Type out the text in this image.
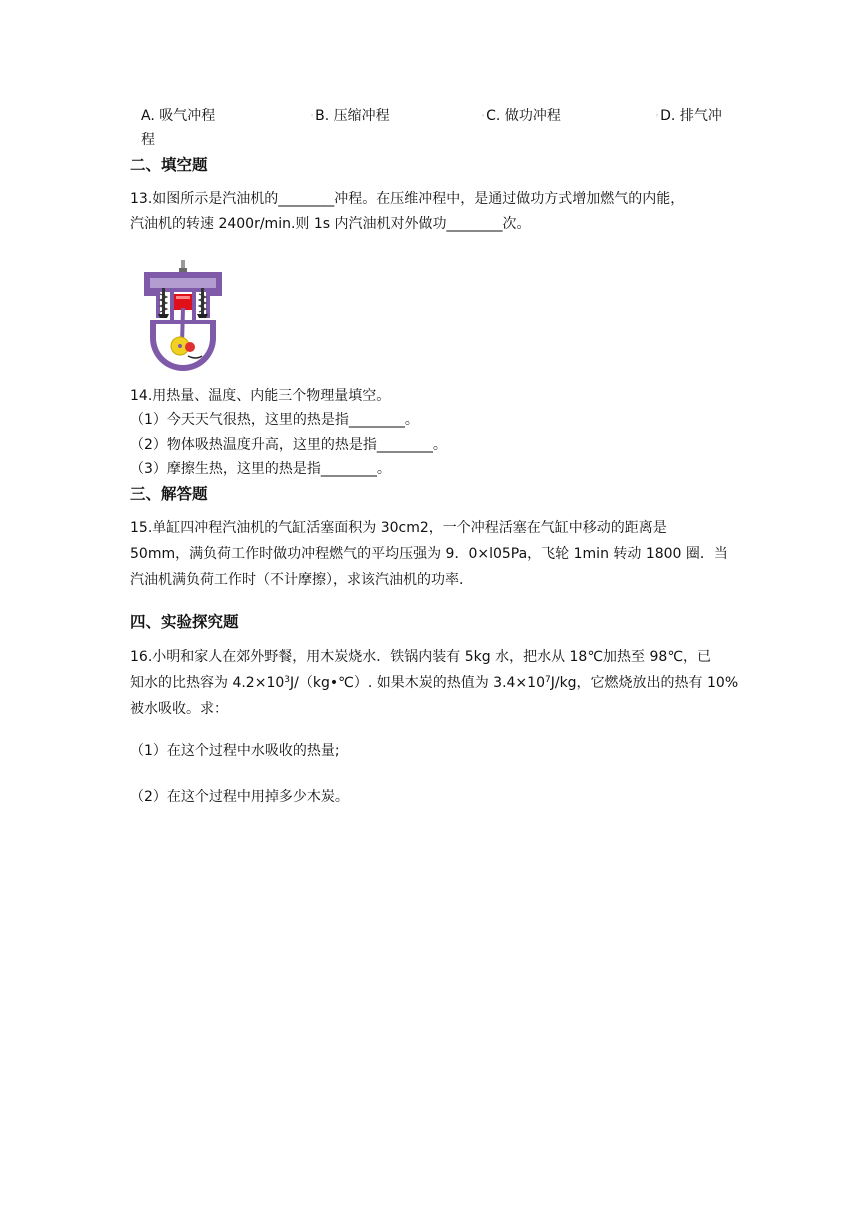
A. 吸气冲程	◦B. 压缩冲程	◦C. 做功冲程	◦D. 排气冲
程
二、填空题
13.如图所示是汽油机的________冲程。在压维冲程中，是通过做功方式增加燃气的内能，
汽油机的转速 2400r/min.则 1s 内汽油机对外做功________次。
14.用热量、温度、内能三个物理量填空。
（1）今天天气很热，这里的热是指________。
（2）物体吸热温度升高，这里的热是指________。
（3）摩擦生热，这里的热是指________。
三、解答题
15.单缸四冲程汽油机的气缸活塞面积为 30cm2，一个冲程活塞在气缸中移动的距离是
50mm，满负荷工作时做功冲程燃气的平均压强为 9．0×l05Pa，飞轮 1min 转动 1800 圈．当
汽油机满负荷工作时（不计摩擦），求该汽油机的功率.
四、实验探究题
16.小明和家人在郊外野餐，用木炭烧水．铁锅内装有 5kg 水，把水从 18℃加热至 98℃，已
知水的比热容为 $4.2\times 10^3J/(kg•℃)$. 如果木炭的热值为 $3.4\times 10^7J/kg$，它燃烧放出的热有 10%
被水吸收。求：
（1）在这个过程中水吸收的热量;
（2）在这个过程中用掉多少木炭。
